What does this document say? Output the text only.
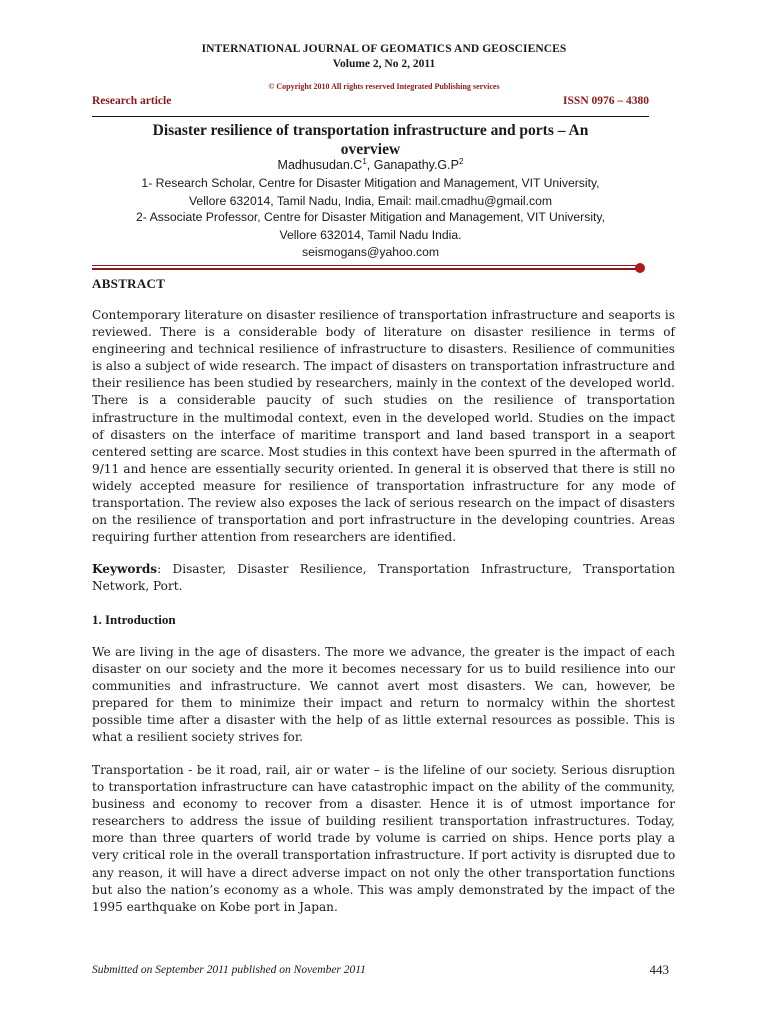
INTERNATIONAL JOURNAL OF GEOMATICS AND GEOSCIENCES
Volume 2, No 2, 2011
© Copyright 2010 All rights reserved Integrated Publishing services
Research article	ISSN 0976 – 4380
Disaster resilience of transportation infrastructure and ports – An
overview
$Madhusudan.C^1$, $Ganapathy.G.P^2$
1- Research Scholar, Centre for Disaster Mitigation and Management, VIT University,
Vellore 632014, Tamil Nadu, India, Email: mail.cmadhu@gmail.com
2- Associate Professor, Centre for Disaster Mitigation and Management, VIT University,
Vellore 632014, Tamil Nadu India.
seismogans@yahoo.com
ABSTRACT
Contemporary literature on disaster resilience of transportation infrastructure and seaports is
reviewed. There is a considerable body of literature on disaster resilience in terms of
engineering and technical resilience of infrastructure to disasters. Resilience of communities
is also a subject of wide research. The impact of disasters on transportation infrastructure and
their resilience has been studied by researchers, mainly in the context of the developed world.
There is a considerable paucity of such studies on the resilience of transportation
infrastructure in the multimodal context, even in the developed world. Studies on the impact
of disasters on the interface of maritime transport and land based transport in a seaport
centered setting are scarce. Most studies in this context have been spurred in the aftermath of
9/11 and hence are essentially security oriented. In general it is observed that there is still no
widely accepted measure for resilience of transportation infrastructure for any mode of
transportation. The review also exposes the lack of serious research on the impact of disasters
on the resilience of transportation and port infrastructure in the developing countries. Areas
requiring further attention from researchers are identified.
Keywords: Disaster, Disaster Resilience, Transportation Infrastructure, Transportation
Network, Port.
1. Introduction
We are living in the age of disasters. The more we advance, the greater is the impact of each
disaster on our society and the more it becomes necessary for us to build resilience into our
communities and infrastructure. We cannot avert most disasters. We can, however, be
prepared for them to minimize their impact and return to normalcy within the shortest
possible time after a disaster with the help of as little external resources as possible. This is
what a resilient society strives for.
Transportation - be it road, rail, air or water – is the lifeline of our society. Serious disruption
to transportation infrastructure can have catastrophic impact on the ability of the community,
business and economy to recover from a disaster. Hence it is of utmost importance for
researchers to address the issue of building resilient transportation infrastructures. Today,
more than three quarters of world trade by volume is carried on ships. Hence ports play a
very critical role in the overall transportation infrastructure. If port activity is disrupted due to
any reason, it will have a direct adverse impact on not only the other transportation functions
but also the nation’s economy as a whole. This was amply demonstrated by the impact of the
1995 earthquake on Kobe port in Japan.
Submitted on September 2011 published on November 2011	443
